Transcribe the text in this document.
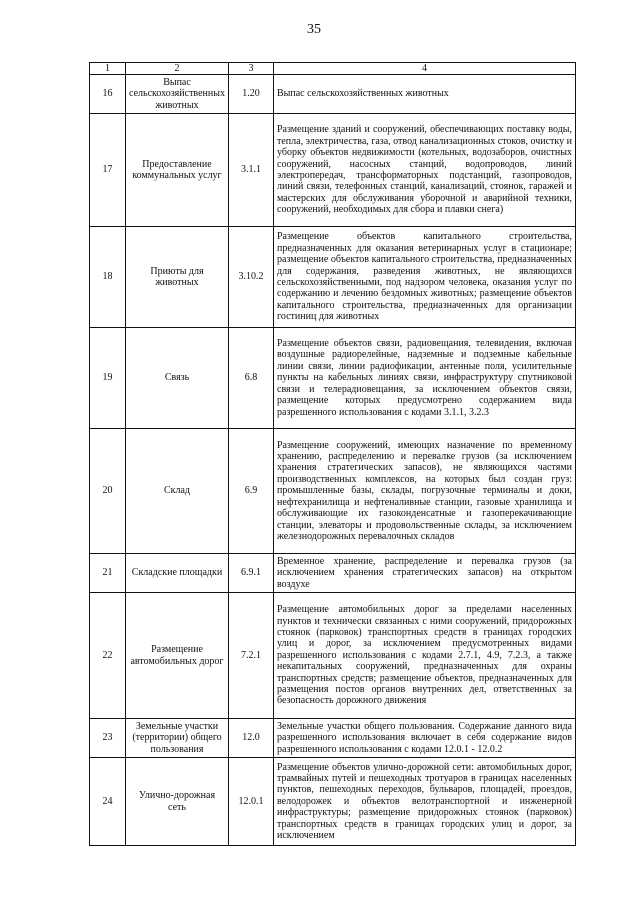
35
1	2	3	4
16	Выпас сельскохозяйственных животных	1.20	Выпас сельскохозяйственных животных
17	Предоставление коммунальных услуг	3.1.1	Размещение зданий и сооружений, обеспечивающих поставку воды, тепла, электричества, газа, отвод канализационных стоков, очистку и уборку объектов недвижимости (котельных, водозаборов, очистных сооружений, насосных станций, водопроводов, линий электропередач, трансформаторных подстанций, газопроводов, линий связи, телефонных станций, канализаций, стоянок, гаражей и мастерских для обслуживания уборочной и аварийной техники, сооружений, необходимых для сбора и плавки снега)
18	Приюты для животных	3.10.2	Размещение объектов капитального строительства, предназначенных для оказания ветеринарных услуг в стационаре; размещение объектов капитального строительства, предназначенных для содержания, разведения животных, не являющихся сельскохозяйственными, под надзором человека, оказания услуг по содержанию и лечению бездомных животных; размещение объектов капитального строительства, предназначенных для организации гостиниц для животных
19	Связь	6.8	Размещение объектов связи, радиовещания, телевидения, включая воздушные радиорелейные, надземные и подземные кабельные линии связи, линии радиофикации, антенные поля, усилительные пункты на кабельных линиях связи, инфраструктуру спутниковой связи и телерадиовещания, за исключением объектов связи, размещение которых предусмотрено содержанием вида разрешенного использования с кодами 3.1.1, 3.2.3
20	Склад	6.9	Размещение сооружений, имеющих назначение по временному хранению, распределению и перевалке грузов (за исключением хранения стратегических запасов), не являющихся частями производственных комплексов, на которых был создан груз: промышленные базы, склады, погрузочные терминалы и доки, нефтехранилища и нефтеналивные станции, газовые хранилища и обслуживающие их газоконденсатные и газоперекачивающие станции, элеваторы и продовольственные склады, за исключением железнодорожных перевалочных складов
21	Складские площадки	6.9.1	Временное хранение, распределение и перевалка грузов (за исключением хранения стратегических запасов) на открытом воздухе
22	Размещение автомобильных дорог	7.2.1	Размещение автомобильных дорог за пределами населенных пунктов и технически связанных с ними сооружений, придорожных стоянок (парковок) транспортных средств в границах городских улиц и дорог, за исключением предусмотренных видами разрешенного использования с кодами 2.7.1, 4.9, 7.2.3, а также некапитальных сооружений, предназначенных для охраны транспортных средств; размещение объектов, предназначенных для размещения постов органов внутренних дел, ответственных за безопасность дорожного движения
23	Земельные участки (территории) общего пользования	12.0	Земельные участки общего пользования. Содержание данного вида разрешенного использования включает в себя содержание видов разрешенного использования с кодами 12.0.1 - 12.0.2
24	Улично-дорожная сеть	12.0.1	Размещение объектов улично-дорожной сети: автомобильных дорог, трамвайных путей и пешеходных тротуаров в границах населенных пунктов, пешеходных переходов, бульваров, площадей, проездов, велодорожек и объектов велотранспортной и инженерной инфраструктуры; размещение придорожных стоянок (парковок) транспортных средств в границах городских улиц и дорог, за исключением
